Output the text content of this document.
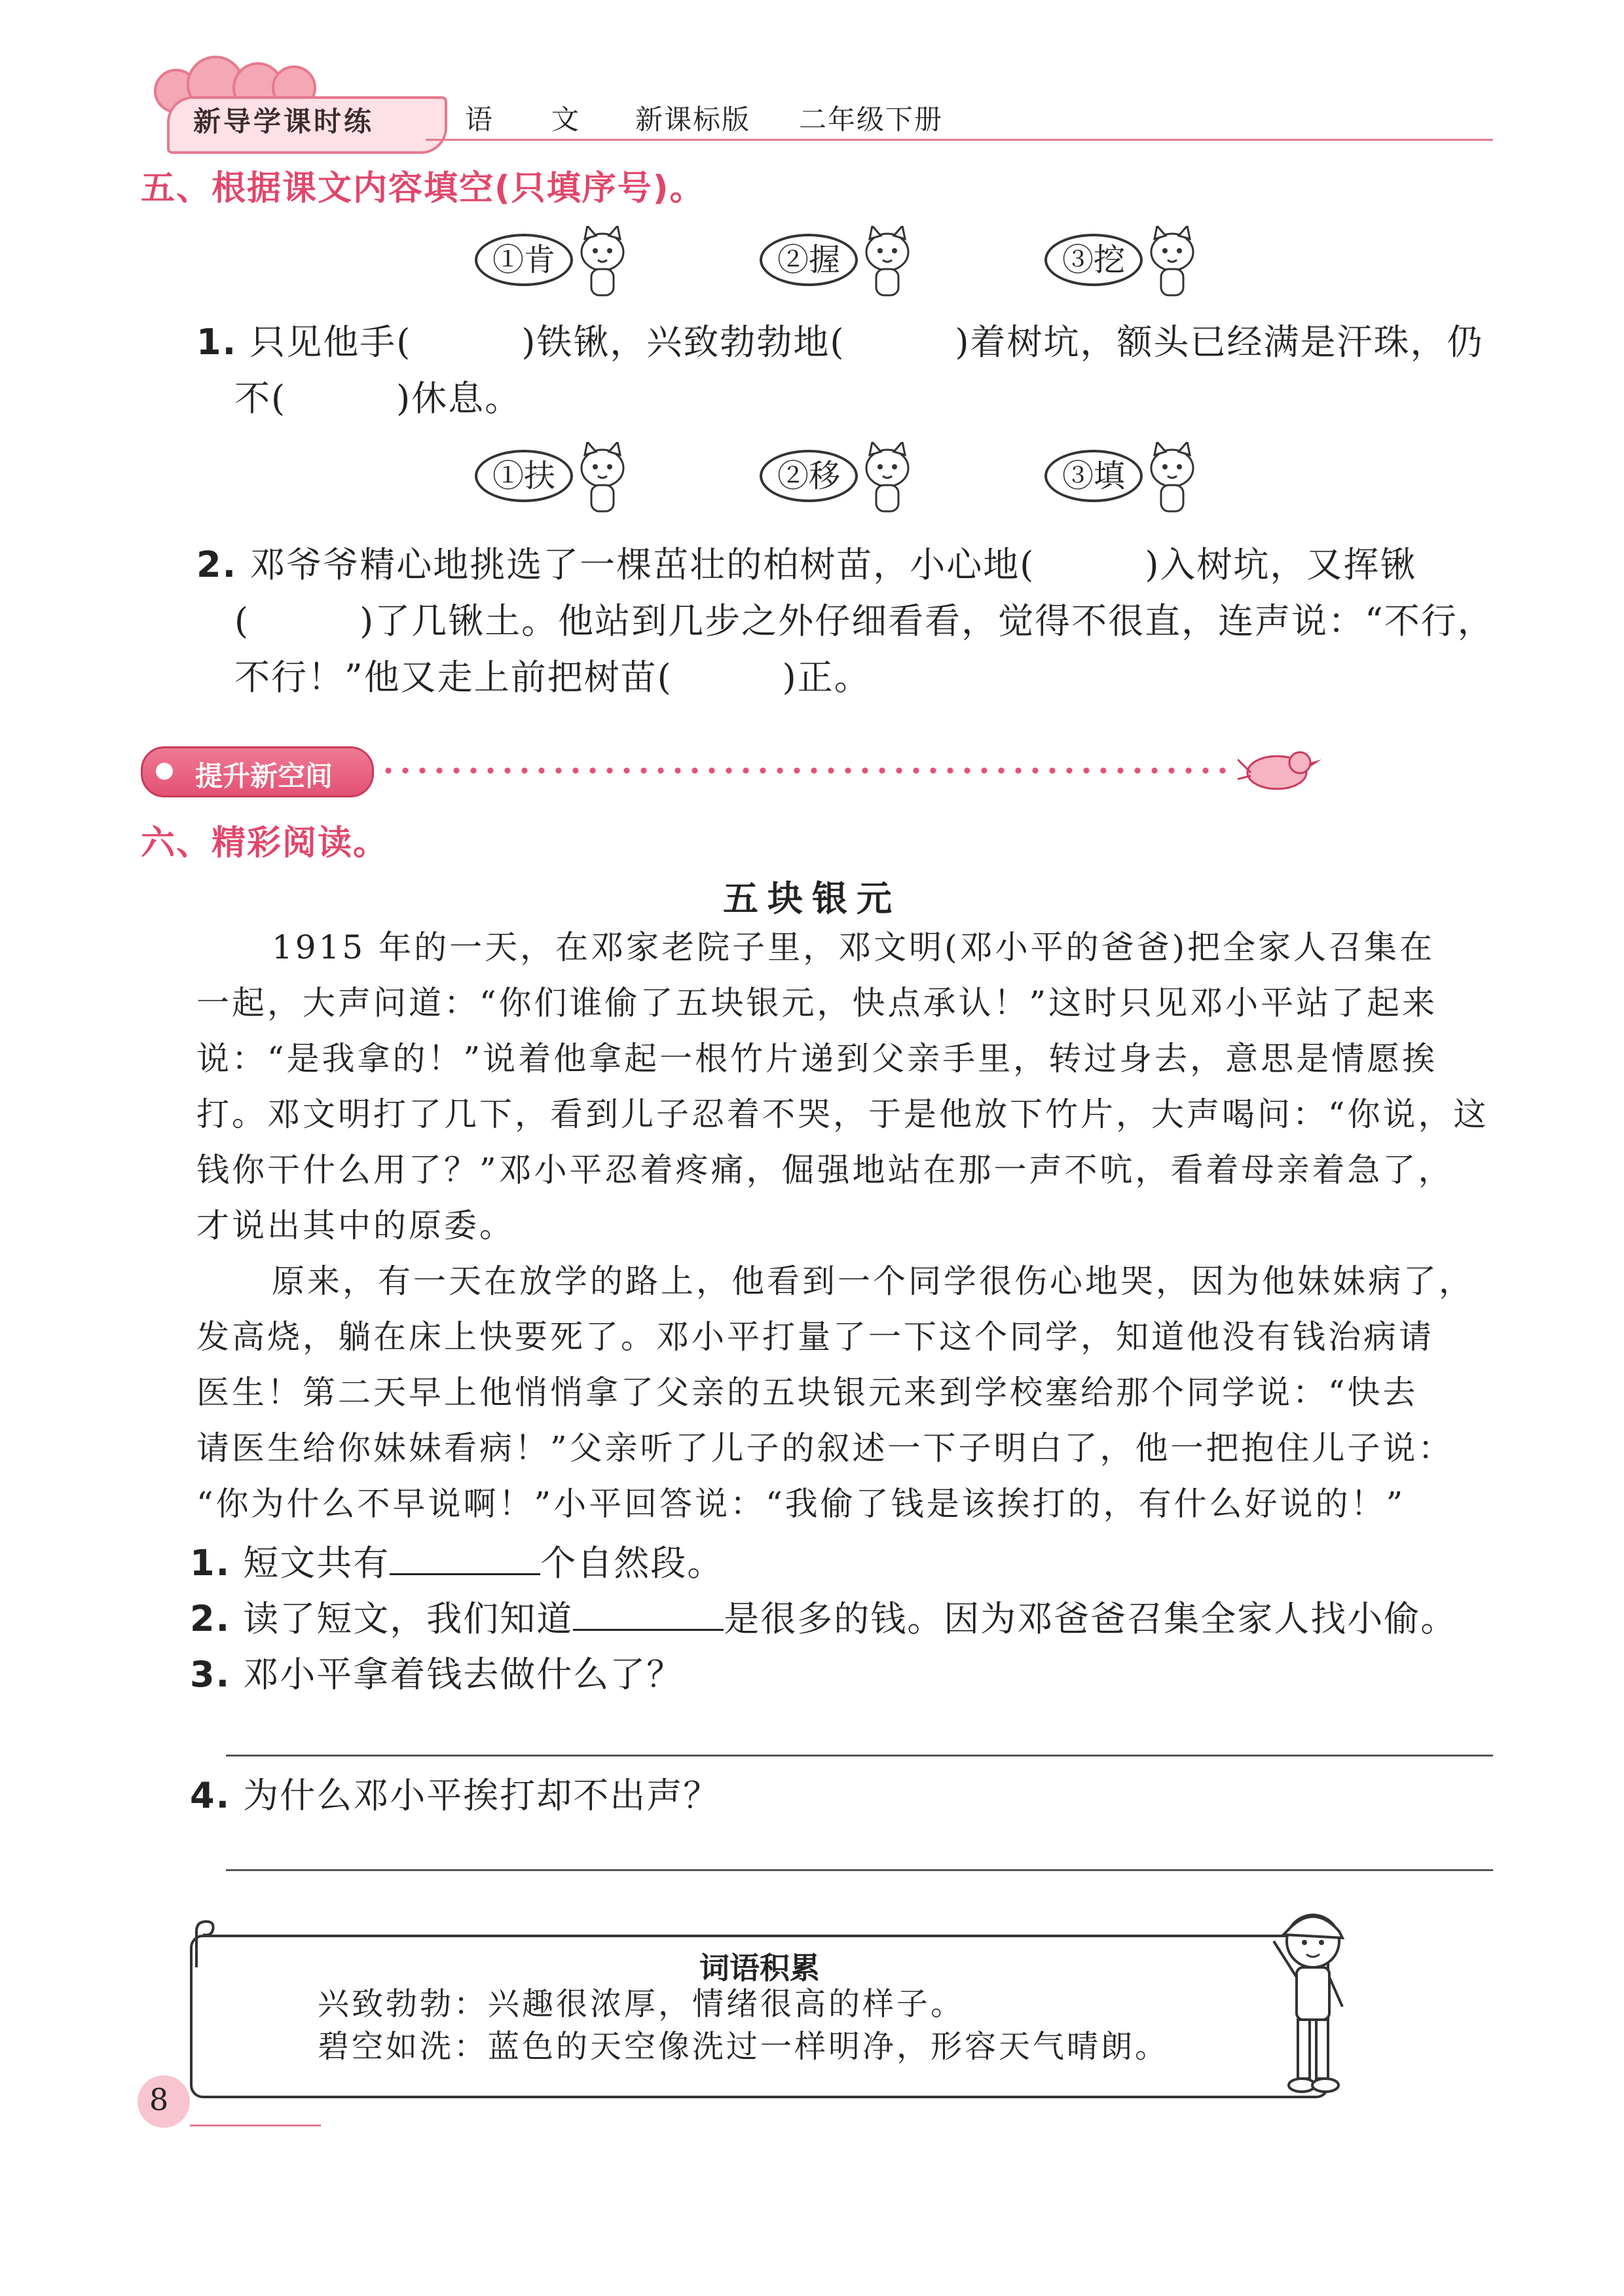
新导学课时练	语　　文 新课标版 二年级下册
五、根据课文内容填空(只填序号)。
①肯	②握	③挖
1. 只见他手(　　　)铁锹，兴致勃勃地(　　　)着树坑，额头已经满是汗珠，仍
不(　　　)休息。
①扶	②移	③填
2. 邓爷爷精心地挑选了一棵茁壮的柏树苗，小心地(　　　)入树坑，又挥锹
(　　　)了几锹土。他站到几步之外仔细看看，觉得不很直，连声说：“不行，
不行！”他又走上前把树苗(　　　)正。
提升新空间
六、精彩阅读。
五块银元
1915 年的一天，在邓家老院子里，邓文明(邓小平的爸爸)把全家人召集在
一起，大声问道：“你们谁偷了五块银元，快点承认！”这时只见邓小平站了起来
说：“是我拿的！”说着他拿起一根竹片递到父亲手里，转过身去，意思是情愿挨
打。邓文明打了几下，看到儿子忍着不哭，于是他放下竹片，大声喝问：“你说，这
钱你干什么用了？”邓小平忍着疼痛，倔强地站在那一声不吭，看着母亲着急了，
才说出其中的原委。
原来，有一天在放学的路上，他看到一个同学很伤心地哭，因为他妹妹病了，
发高烧，躺在床上快要死了。邓小平打量了一下这个同学，知道他没有钱治病请
医生！第二天早上他悄悄拿了父亲的五块银元来到学校塞给那个同学说：“快去
请医生给你妹妹看病！”父亲听了儿子的叙述一下子明白了，他一把抱住儿子说：
“你为什么不早说啊！”小平回答说：“我偷了钱是该挨打的，有什么好说的！”
1. 短文共有	个自然段。
2. 读了短文，我们知道	是很多的钱。因为邓爸爸召集全家人找小偷。
3. 邓小平拿着钱去做什么了？
4. 为什么邓小平挨打却不出声？
词语积累
兴致勃勃：兴趣很浓厚，情绪很高的样子。
碧空如洗：蓝色的天空像洗过一样明净，形容天气晴朗。
8
